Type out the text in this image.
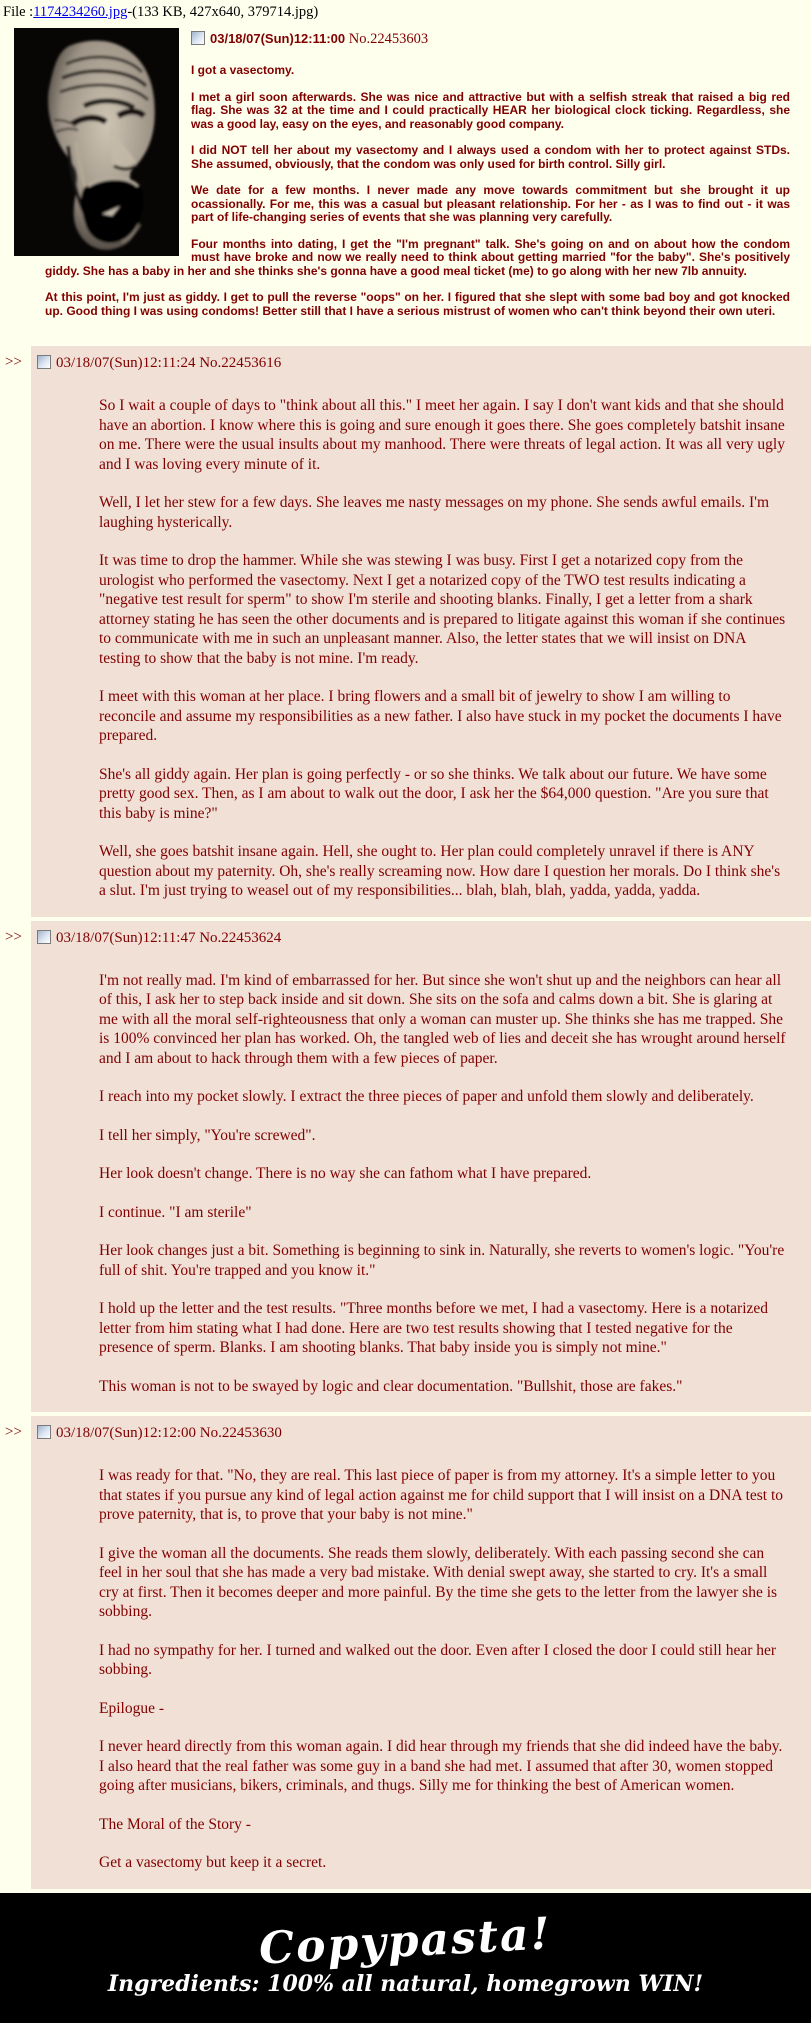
File :1174234260.jpg-(133 KB, 427x640, 379714.jpg)
03/18/07(Sun)12:11:00 No.22453603

I got a vasectomy.

I met a girl soon afterwards. She was nice and attractive but with a selfish streak that raised a big red flag. She was 32 at the time and I could practically HEAR her biological clock ticking. Regardless, she was a good lay, easy on the eyes, and reasonably good company.

I did NOT tell her about my vasectomy and I always used a condom with her to protect against STDs. She assumed, obviously, that the condom was only used for birth control. Silly girl.

We date for a few months. I never made any move towards commitment but she brought it up ocassionally. For me, this was a casual but pleasant relationship. For her - as I was to find out - it was part of life-changing series of events that she was planning very carefully.

Four months into dating, I get the "I'm pregnant" talk. She's going on and on about how the condom must have broke and now we really need to think about getting married "for the baby". She's positively giddy. She has a baby in her and she thinks she's gonna have a good meal ticket (me) to go along with her new 7lb annuity.

At this point, I'm just as giddy. I get to pull the reverse "oops" on her. I figured that she slept with some bad boy and got knocked up. Good thing I was using condoms! Better still that I have a serious mistrust of women who can't think beyond their own uteri.

>>	03/18/07(Sun)12:11:24 No.22453616

So I wait a couple of days to "think about all this." I meet her again. I say I don't want kids and that she should have an abortion. I know where this is going and sure enough it goes there. She goes completely batshit insane on me. There were the usual insults about my manhood. There were threats of legal action. It was all very ugly and I was loving every minute of it.

Well, I let her stew for a few days. She leaves me nasty messages on my phone. She sends awful emails. I'm laughing hysterically.

It was time to drop the hammer. While she was stewing I was busy. First I get a notarized copy from the urologist who performed the vasectomy. Next I get a notarized copy of the TWO test results indicating a "negative test result for sperm" to show I'm sterile and shooting blanks. Finally, I get a letter from a shark attorney stating he has seen the other documents and is prepared to litigate against this woman if she continues to communicate with me in such an unpleasant manner. Also, the letter states that we will insist on DNA testing to show that the baby is not mine. I'm ready.

I meet with this woman at her place. I bring flowers and a small bit of jewelry to show I am willing to reconcile and assume my responsibilities as a new father. I also have stuck in my pocket the documents I have prepared.

She's all giddy again. Her plan is going perfectly - or so she thinks. We talk about our future. We have some pretty good sex. Then, as I am about to walk out the door, I ask her the $64,000 question. "Are you sure that this baby is mine?"

Well, she goes batshit insane again. Hell, she ought to. Her plan could completely unravel if there is ANY question about my paternity. Oh, she's really screaming now. How dare I question her morals. Do I think she's a slut. I'm just trying to weasel out of my responsibilities... blah, blah, blah, yadda, yadda, yadda.

>>	03/18/07(Sun)12:11:47 No.22453624

I'm not really mad. I'm kind of embarrassed for her. But since she won't shut up and the neighbors can hear all of this, I ask her to step back inside and sit down. She sits on the sofa and calms down a bit. She is glaring at me with all the moral self-righteousness that only a woman can muster up. She thinks she has me trapped. She is 100% convinced her plan has worked. Oh, the tangled web of lies and deceit she has wrought around herself and I am about to hack through them with a few pieces of paper.

I reach into my pocket slowly. I extract the three pieces of paper and unfold them slowly and deliberately.

I tell her simply, "You're screwed".

Her look doesn't change. There is no way she can fathom what I have prepared.

I continue. "I am sterile"

Her look changes just a bit. Something is beginning to sink in. Naturally, she reverts to women's logic. "You're full of shit. You're trapped and you know it."

I hold up the letter and the test results. "Three months before we met, I had a vasectomy. Here is a notarized letter from him stating what I had done. Here are two test results showing that I tested negative for the presence of sperm. Blanks. I am shooting blanks. That baby inside you is simply not mine."

This woman is not to be swayed by logic and clear documentation. "Bullshit, those are fakes."

>>	03/18/07(Sun)12:12:00 No.22453630

I was ready for that. "No, they are real. This last piece of paper is from my attorney. It's a simple letter to you that states if you pursue any kind of legal action against me for child support that I will insist on a DNA test to prove paternity, that is, to prove that your baby is not mine."

I give the woman all the documents. She reads them slowly, deliberately. With each passing second she can feel in her soul that she has made a very bad mistake. With denial swept away, she started to cry. It's a small cry at first. Then it becomes deeper and more painful. By the time she gets to the letter from the lawyer she is sobbing.

I had no sympathy for her. I turned and walked out the door. Even after I closed the door I could still hear her sobbing.

Epilogue -

I never heard directly from this woman again. I did hear through my friends that she did indeed have the baby. I also heard that the real father was some guy in a band she had met. I assumed that after 30, women stopped going after musicians, bikers, criminals, and thugs. Silly me for thinking the best of American women.

The Moral of the Story -

Get a vasectomy but keep it a secret.

Copypasta!
Ingredients: 100% all natural, homegrown WIN!
